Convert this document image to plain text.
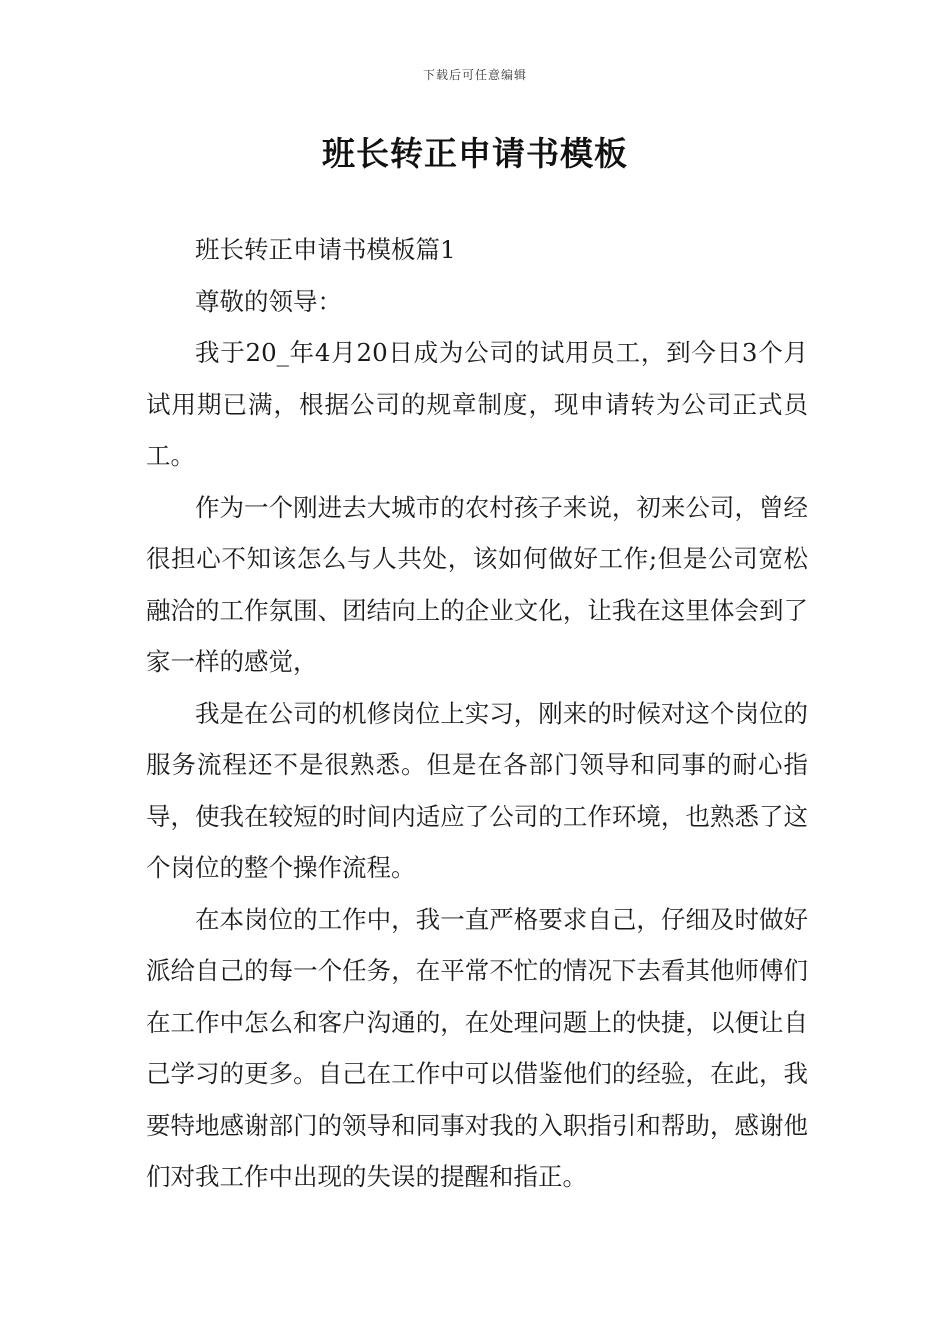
下载后可任意编辑
班长转正申请书模板

班长转正申请书模板篇1

尊敬的领导：

我于20_年4月20日成为公司的试用员工，到今日3个月试用期已满，根据公司的规章制度，现申请转为公司正式员工。

作为一个刚进去大城市的农村孩子来说，初来公司，曾经很担心不知该怎么与人共处，该如何做好工作;但是公司宽松融洽的工作氛围、团结向上的企业文化，让我在这里体会到了家一样的感觉，

我是在公司的机修岗位上实习，刚来的时候对这个岗位的服务流程还不是很熟悉。但是在各部门领导和同事的耐心指导，使我在较短的时间内适应了公司的工作环境，也熟悉了这个岗位的整个操作流程。

在本岗位的工作中，我一直严格要求自己，仔细及时做好派给自己的每一个任务，在平常不忙的情况下去看其他师傅们在工作中怎么和客户沟通的，在处理问题上的快捷，以便让自己学习的更多。自己在工作中可以借鉴他们的经验，在此，我要特地感谢部门的领导和同事对我的入职指引和帮助，感谢他们对我工作中出现的失误的提醒和指正。
